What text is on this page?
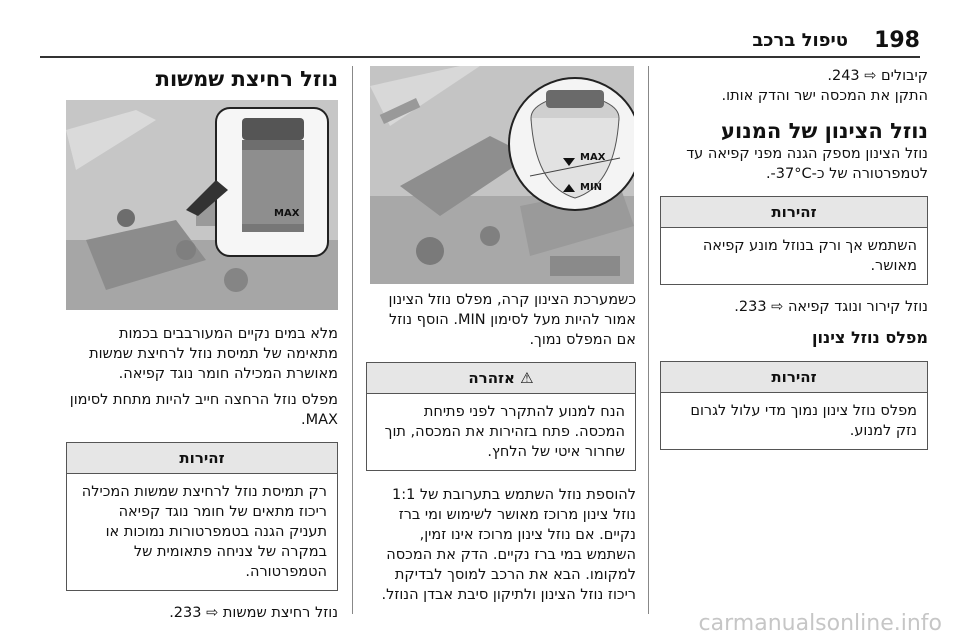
טיפול ברכב 198

קיבולים ⇨ 243.

התקן את המכסה ישר והדק אותו.

נוזל הצינון של המנוע

נוזל הצינון מספק הגנה מפני קפיאה עד לטמפרטורה של כ-37°C-.

זהירות
השתמש אך ורק בנוזל מונע קפיאה מאושר.

נוזל קירור ונוגד קפיאה ⇨ 233.

מפלס נוזל צינון
זהירות
מפלס נוזל צינון נמוך מדי עלול לגרום נזק למנוע.
MAX
MIN

כשמערכת הצינון קרה, מפלס נוזל הצינון אמור להיות מעל לסימון MIN. הוסף נוזל אם המפלס נמוך.

⚠ אזהרה
הנח למנוע להתקרר לפני פתיחת המכסה. פתח בזהירות את המכסה, תוך שחרור איטי של הלחץ.

להוספת נוזל השתמש בתערובת של 1:1 נוזל צינון מרוכז מאושר לשימוש ומי ברז נקיים. אם נוזל צינון מרוכז אינו זמין, השתמש במי ברז נקיים. הדק את המכסה למקומו. הבא את הרכב למוסך לבדיקת ריכוז נוזל הצינון ולתיקון סיבת אבדן הנוזל.

נוזל רחיצת שמשות
MAX

מלא במים נקיים המעורבבים בכמות מתאימה של תמיסת נוזל לרחיצת שמשות מאושרת המכילה חומר נוגד קפיאה.

מפלס נוזל הרחצה חייב להיות מתחת לסימון MAX.

זהירות
רק תמיסת נוזל לרחיצת שמשות המכילה ריכוז מתאים של חומר נוגד קפיאה תעניק הגנה בטמפרטורות נמוכות או במקרה של צניחה פתאומית של הטמפרטורה.

נוזל רחיצת שמשות ⇨ 233.	carmanualsonline.info
